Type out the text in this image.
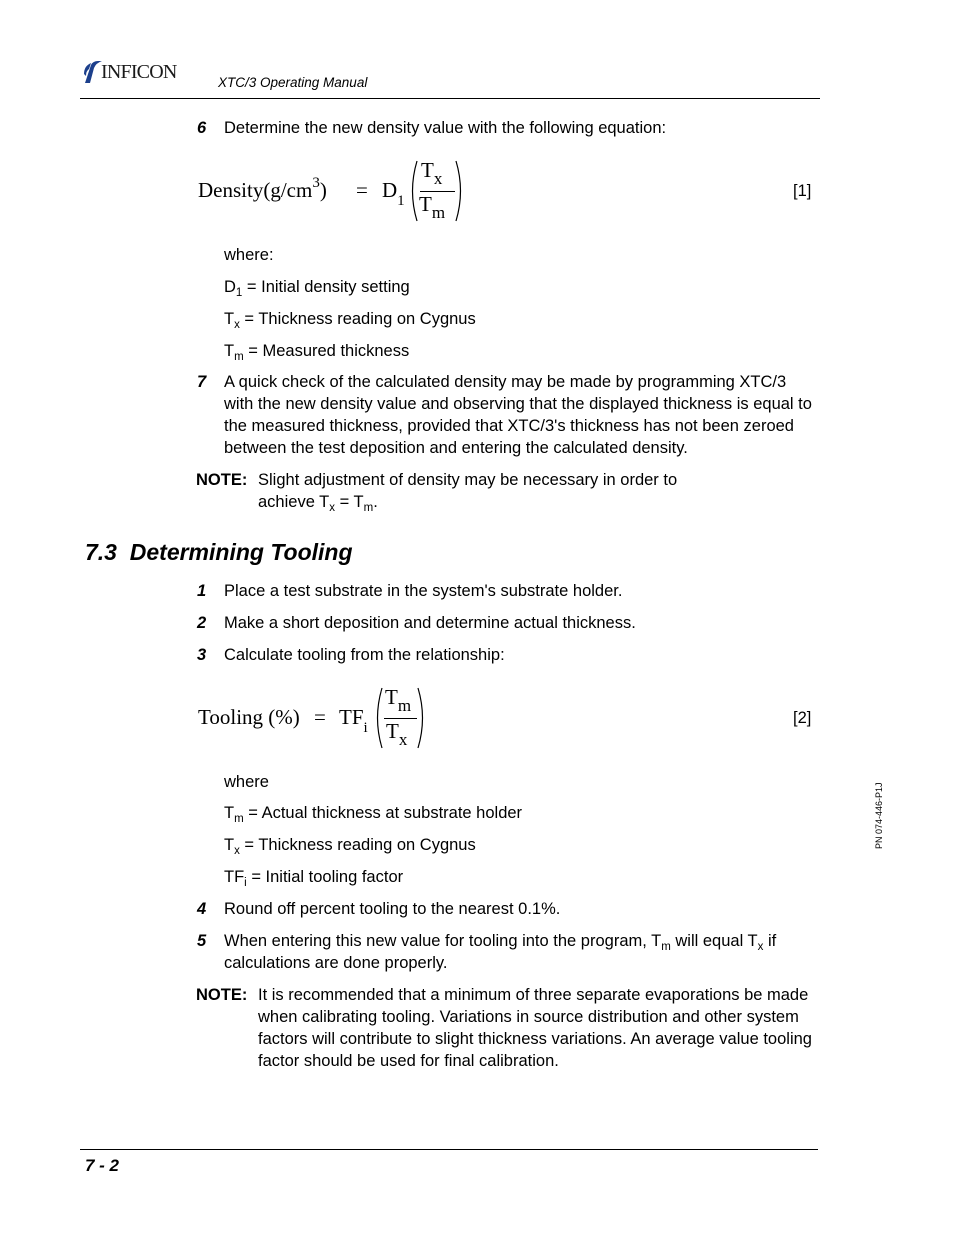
INFICON	XTC/3 Operating Manual
6 Determine the new density value with the following equation:
$Density(g/cm^3) = D_1$
$T_x$
$T_m$
[1]
where:
$D_1$ = Initial density setting
$T_x$ = Thickness reading on Cygnus
$T_m$ = Measured thickness
7 A quick check of the calculated density may be made by programming XTC/3 with the new density value and observing that the displayed thickness is equal to the measured thickness, provided that XTC/3's thickness has not been zeroed between the test deposition and entering the calculated density.
NOTE: Slight adjustment of density may be necessary in order to
achieve $T_x = T_m$.
7.3  Determining Tooling
1 Place a test substrate in the system's substrate holder.
2 Make a short deposition and determine actual thickness.
3 Calculate tooling from the relationship:
Tooling (%) = $TF_i$
$T_m$
$T_x$
[2]
where
$T_m$ = Actual thickness at substrate holder
$T_x$ = Thickness reading on Cygnus
$TF_i$ = Initial tooling factor
4 Round off percent tooling to the nearest 0.1%.
5 When entering this new value for tooling into the program, $T_m$ will equal $T_x$ if calculations are done properly.
NOTE: It is recommended that a minimum of three separate evaporations be made when calibrating tooling. Variations in source distribution and other system factors will contribute to slight thickness variations. An average value tooling factor should be used for final calibration.
PN 074-446-P1J
7 - 2
